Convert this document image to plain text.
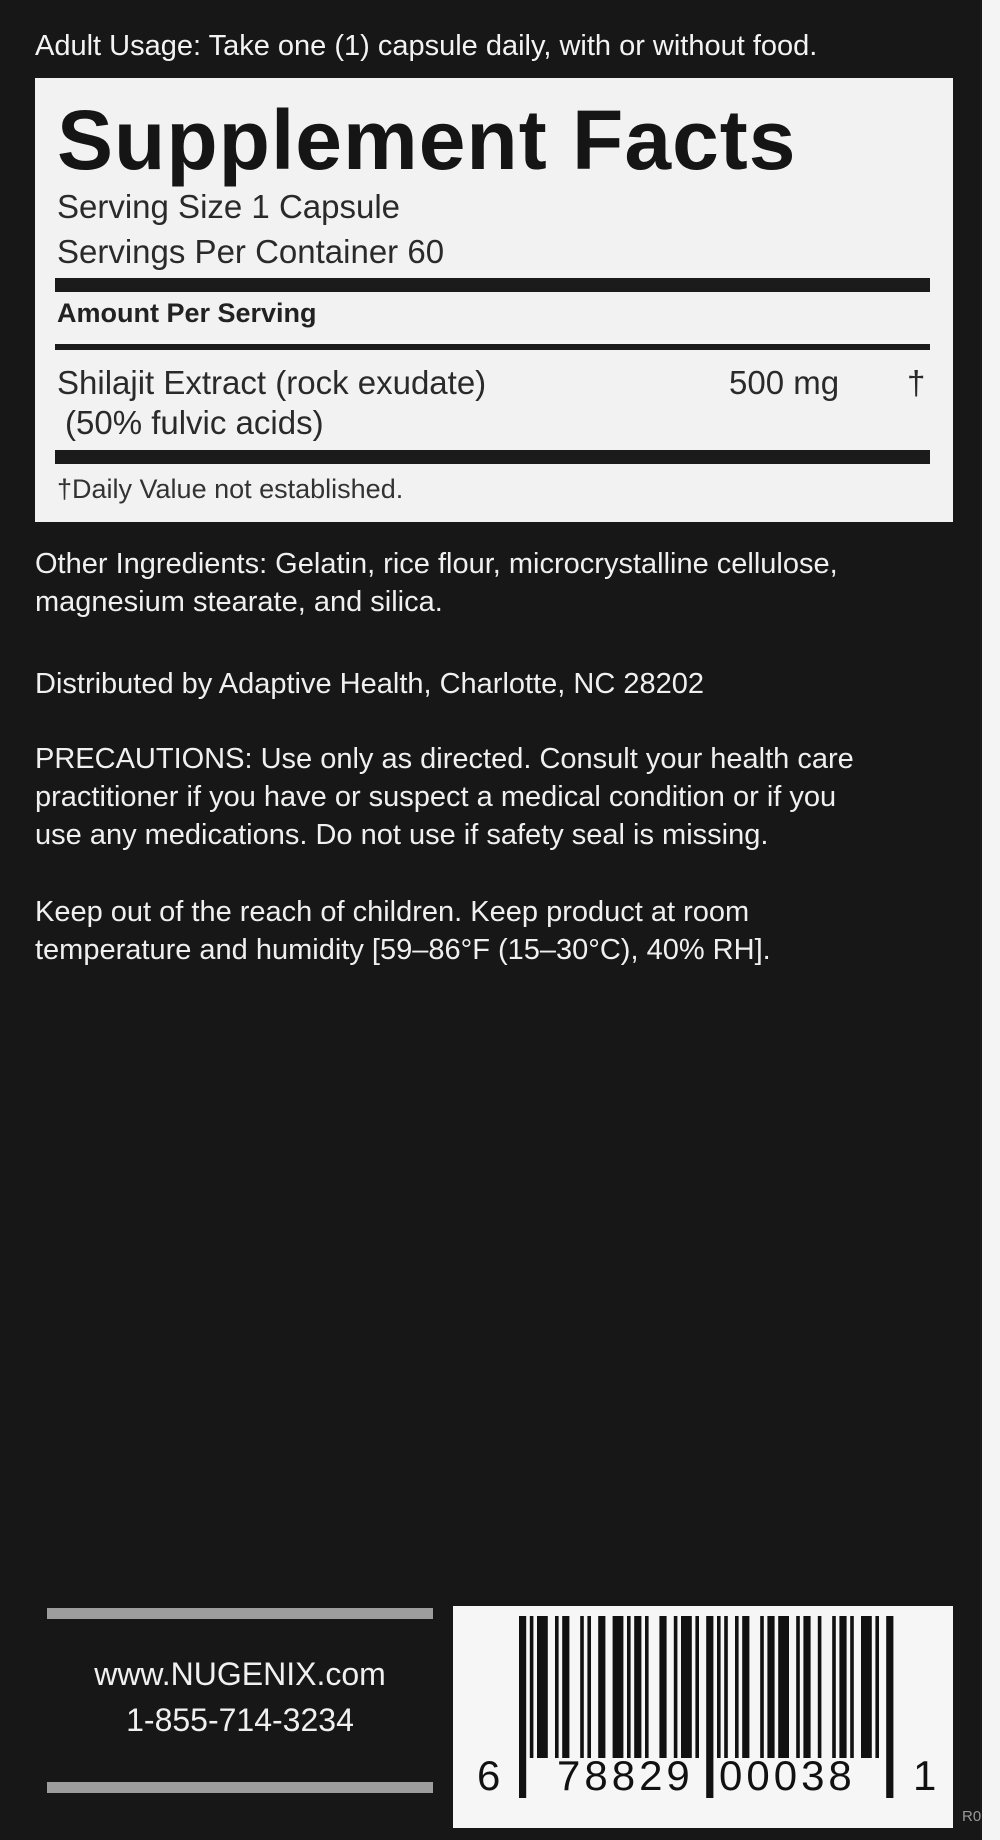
Adult Usage: Take one (1) capsule daily, with or without food.
Supplement Facts
Serving Size 1 Capsule
Servings Per Container 60
Amount Per Serving
Shilajit Extract (rock exudate)	500 mg †
(50% fulvic acids)
†Daily Value not established.
Other Ingredients: Gelatin, rice flour, microcrystalline cellulose,
magnesium stearate, and silica.
Distributed by Adaptive Health, Charlotte, NC 28202
PRECAUTIONS: Use only as directed. Consult your health care
practitioner if you have or suspect a medical condition or if you
use any medications. Do not use if safety seal is missing.
Keep out of the reach of children. Keep product at room
temperature and humidity [59–86°F (15–30°C), 40% RH].
www.NUGENIX.com
1-855-714-3234
6 78829 00038 1
R0
